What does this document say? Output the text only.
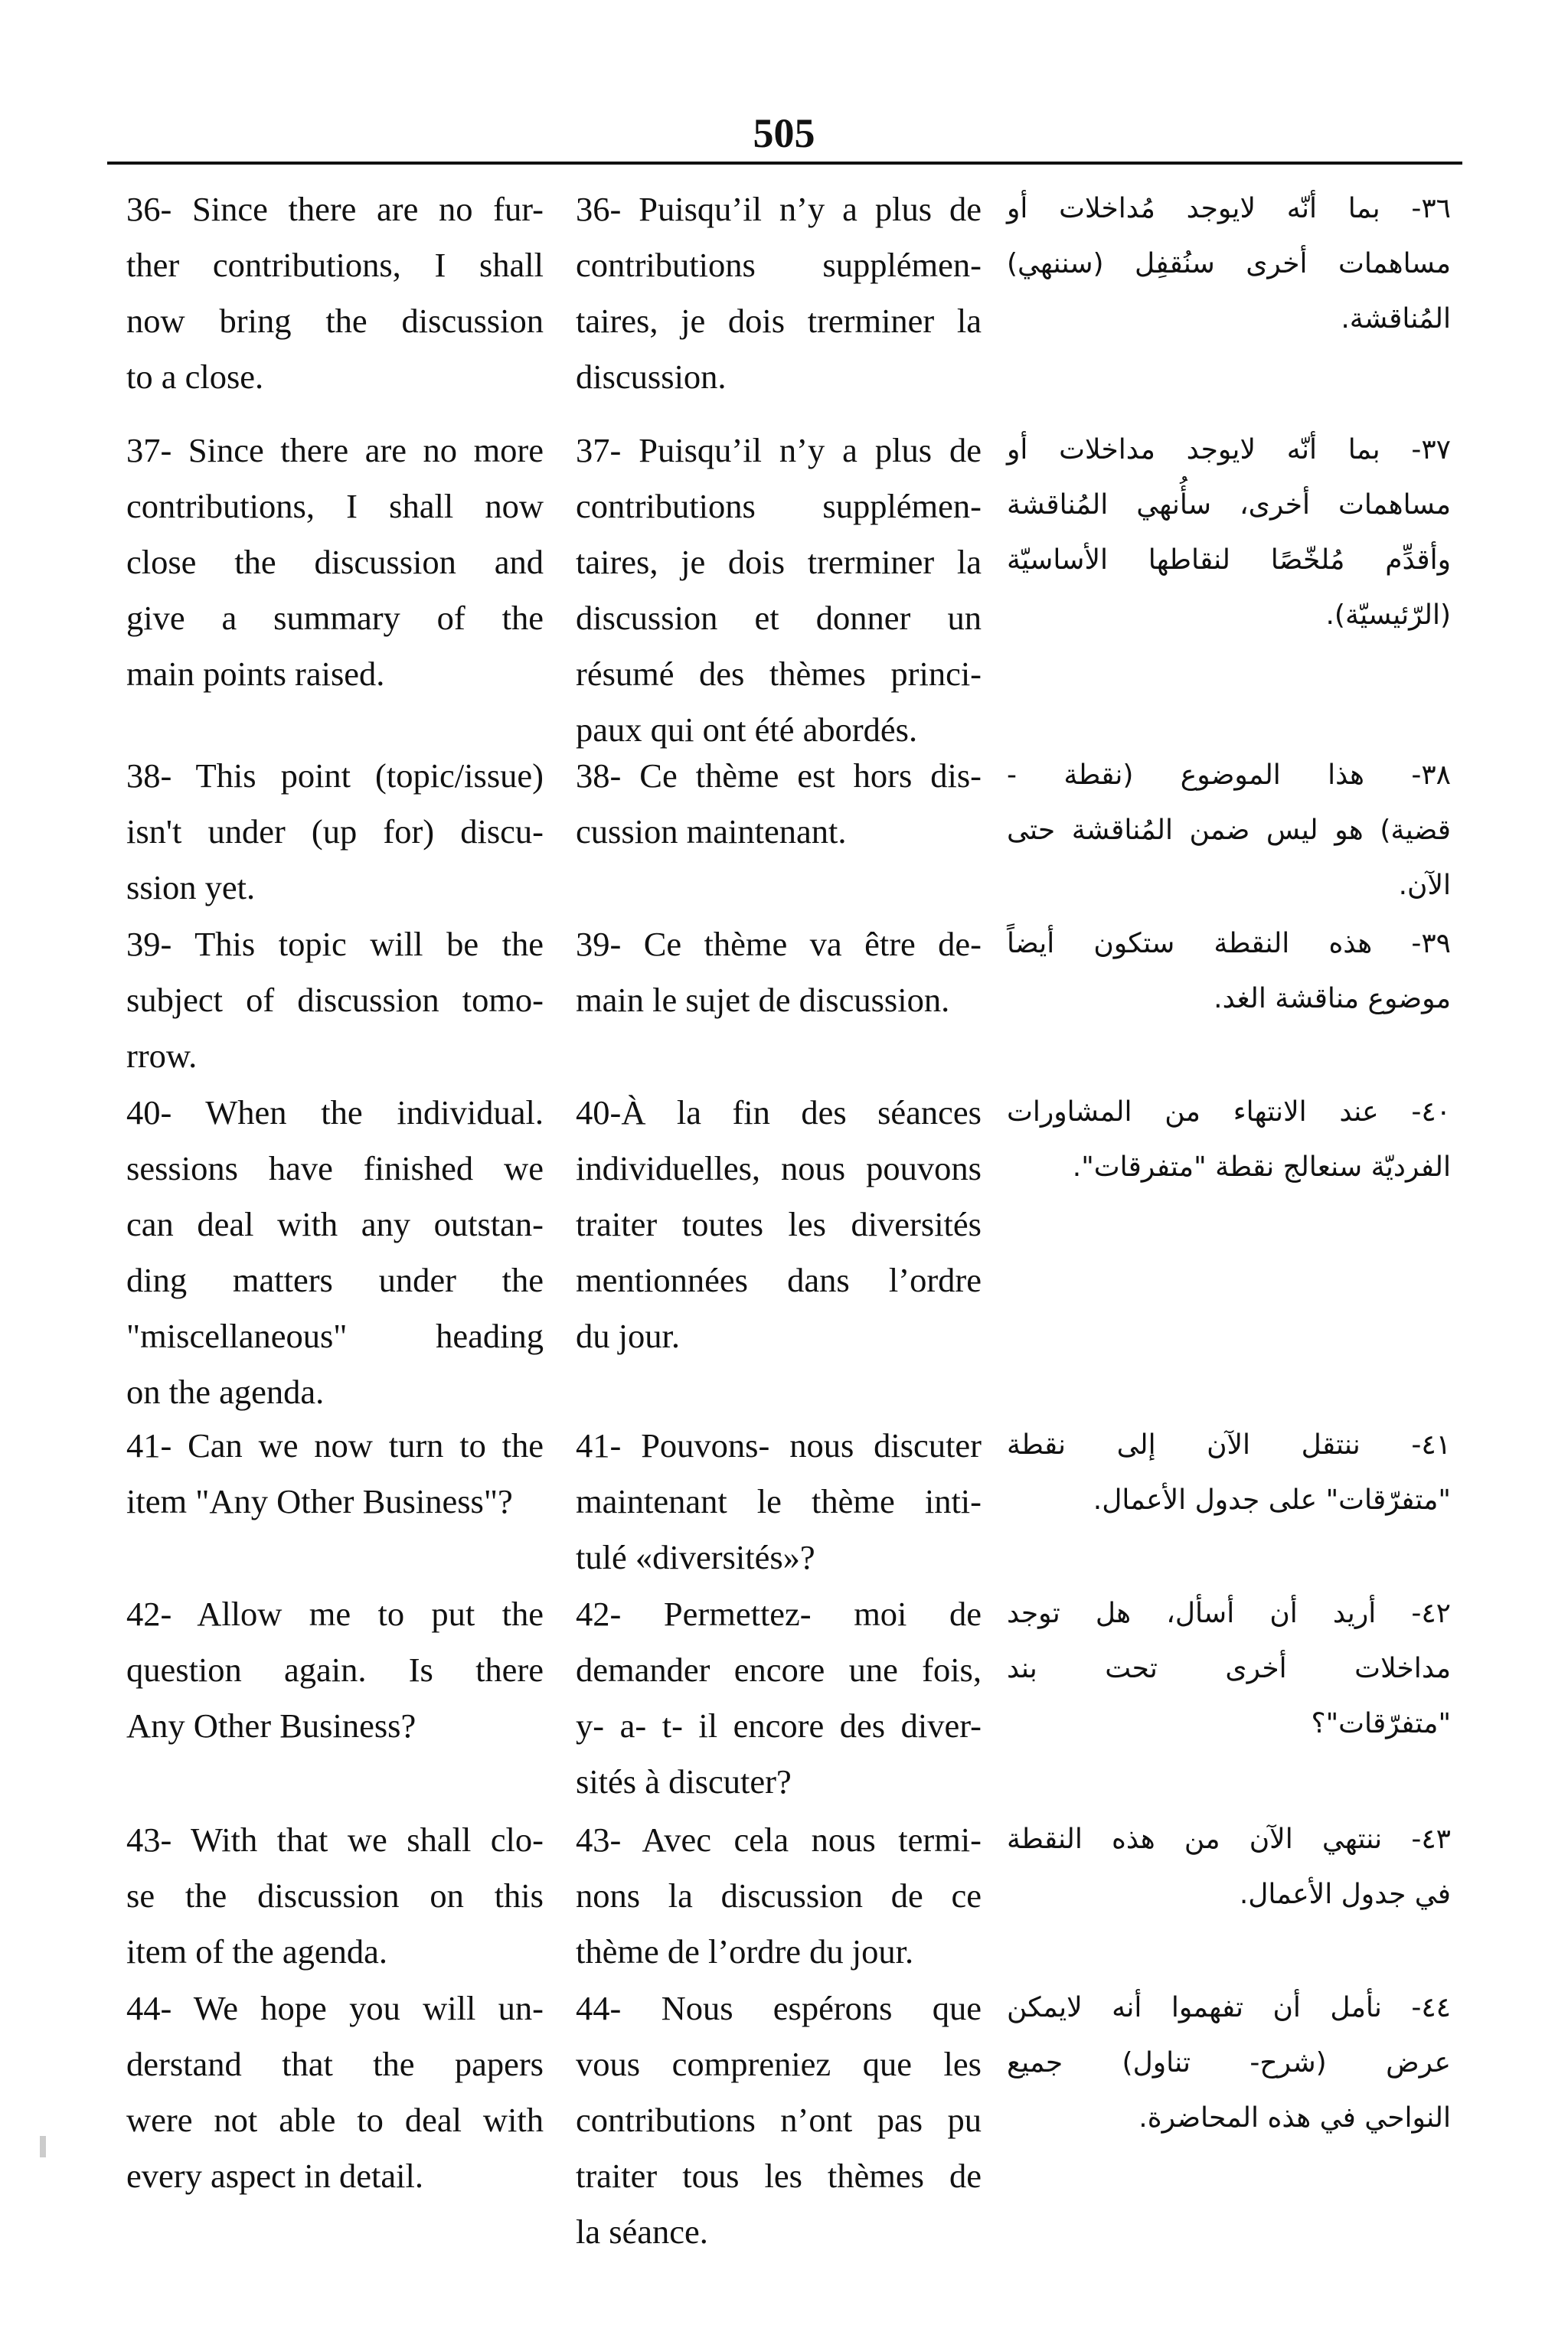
505
36- Since there are no fur-
ther contributions, I shall
now bring the discussion
to a close.
36- Puisqu’il n’y a plus de
contributions supplémen-
taires, je dois trerminer la
discussion.
٣٦- بما أنّه لايوجد مُداخلات أو
مساهمات أخرى سنُقفِل (سننهي)
المُناقشة.
37- Since there are no more
contributions, I shall now
close the discussion and
give a summary of the
main points raised.
37- Puisqu’il n’y a plus de
contributions supplémen-
taires, je dois trerminer la
discussion et donner un
résumé des thèmes princi-
paux qui ont été abordés.
٣٧- بما أنّه لايوجد مداخلات أو
مساهمات أخرى، سأُنهي المُناقشة
وأقدِّم مُلخّصًا لنقاطها الأساسيّة
(الرّئيسيّة).
38- This point (topic/issue)
isn't under (up for) discu-
ssion yet.
38- Ce thème est hors dis-
cussion maintenant.
٣٨- هذا الموضوع (نقطة -
قضية) هو ليس ضمن المُناقشة حتى
الآن.
39- This topic will be the
subject of discussion tomo-
rrow.
39- Ce thème va être de-
main le sujet de discussion.
٣٩- هذه النقطة ستكون أيضاً
موضوع مناقشة الغد.
40- When the individual.
sessions have finished we
can deal with any outstan-
ding matters under the
"miscellaneous" heading
on the agenda.
40-À la fin des séances
individuelles, nous pouvons
traiter toutes les diversités
mentionnées dans l’ordre
du jour.
٤٠- عند الانتهاء من المشاورات
الفرديّة سنعالج نقطة "متفرقات".
41- Can we now turn to the
item "Any Other Business"?
41- Pouvons- nous discuter
maintenant le thème inti-
tulé «diversités»?
٤١- ننتقل الآن إلى نقطة
"متفرّقات" على جدول الأعمال.
42- Allow me to put the
question again. Is there
Any Other Business?
42- Permettez- moi de
demander encore une fois,
y- a- t- il encore des diver-
sités à discuter?
٤٢- أريد أن أسأل، هل توجد
مداخلات أخرى تحت بند
"متفرّقات"؟
43- With that we shall clo-
se the discussion on this
item of the agenda.
43- Avec cela nous termi-
nons la discussion de ce
thème de l’ordre du jour.
٤٣- ننتهي الآن من هذه النقطة
في جدول الأعمال.
44- We hope you will un-
derstand that the papers
were not able to deal with
every aspect in detail.
44- Nous espérons que
vous compreniez que les
contributions n’ont pas pu
traiter tous les thèmes de
la séance.
٤٤- نأمل أن تفهموا أنه لايمكن
عرض (شرح- تناول) جميع
النواحي في هذه المحاضرة.
